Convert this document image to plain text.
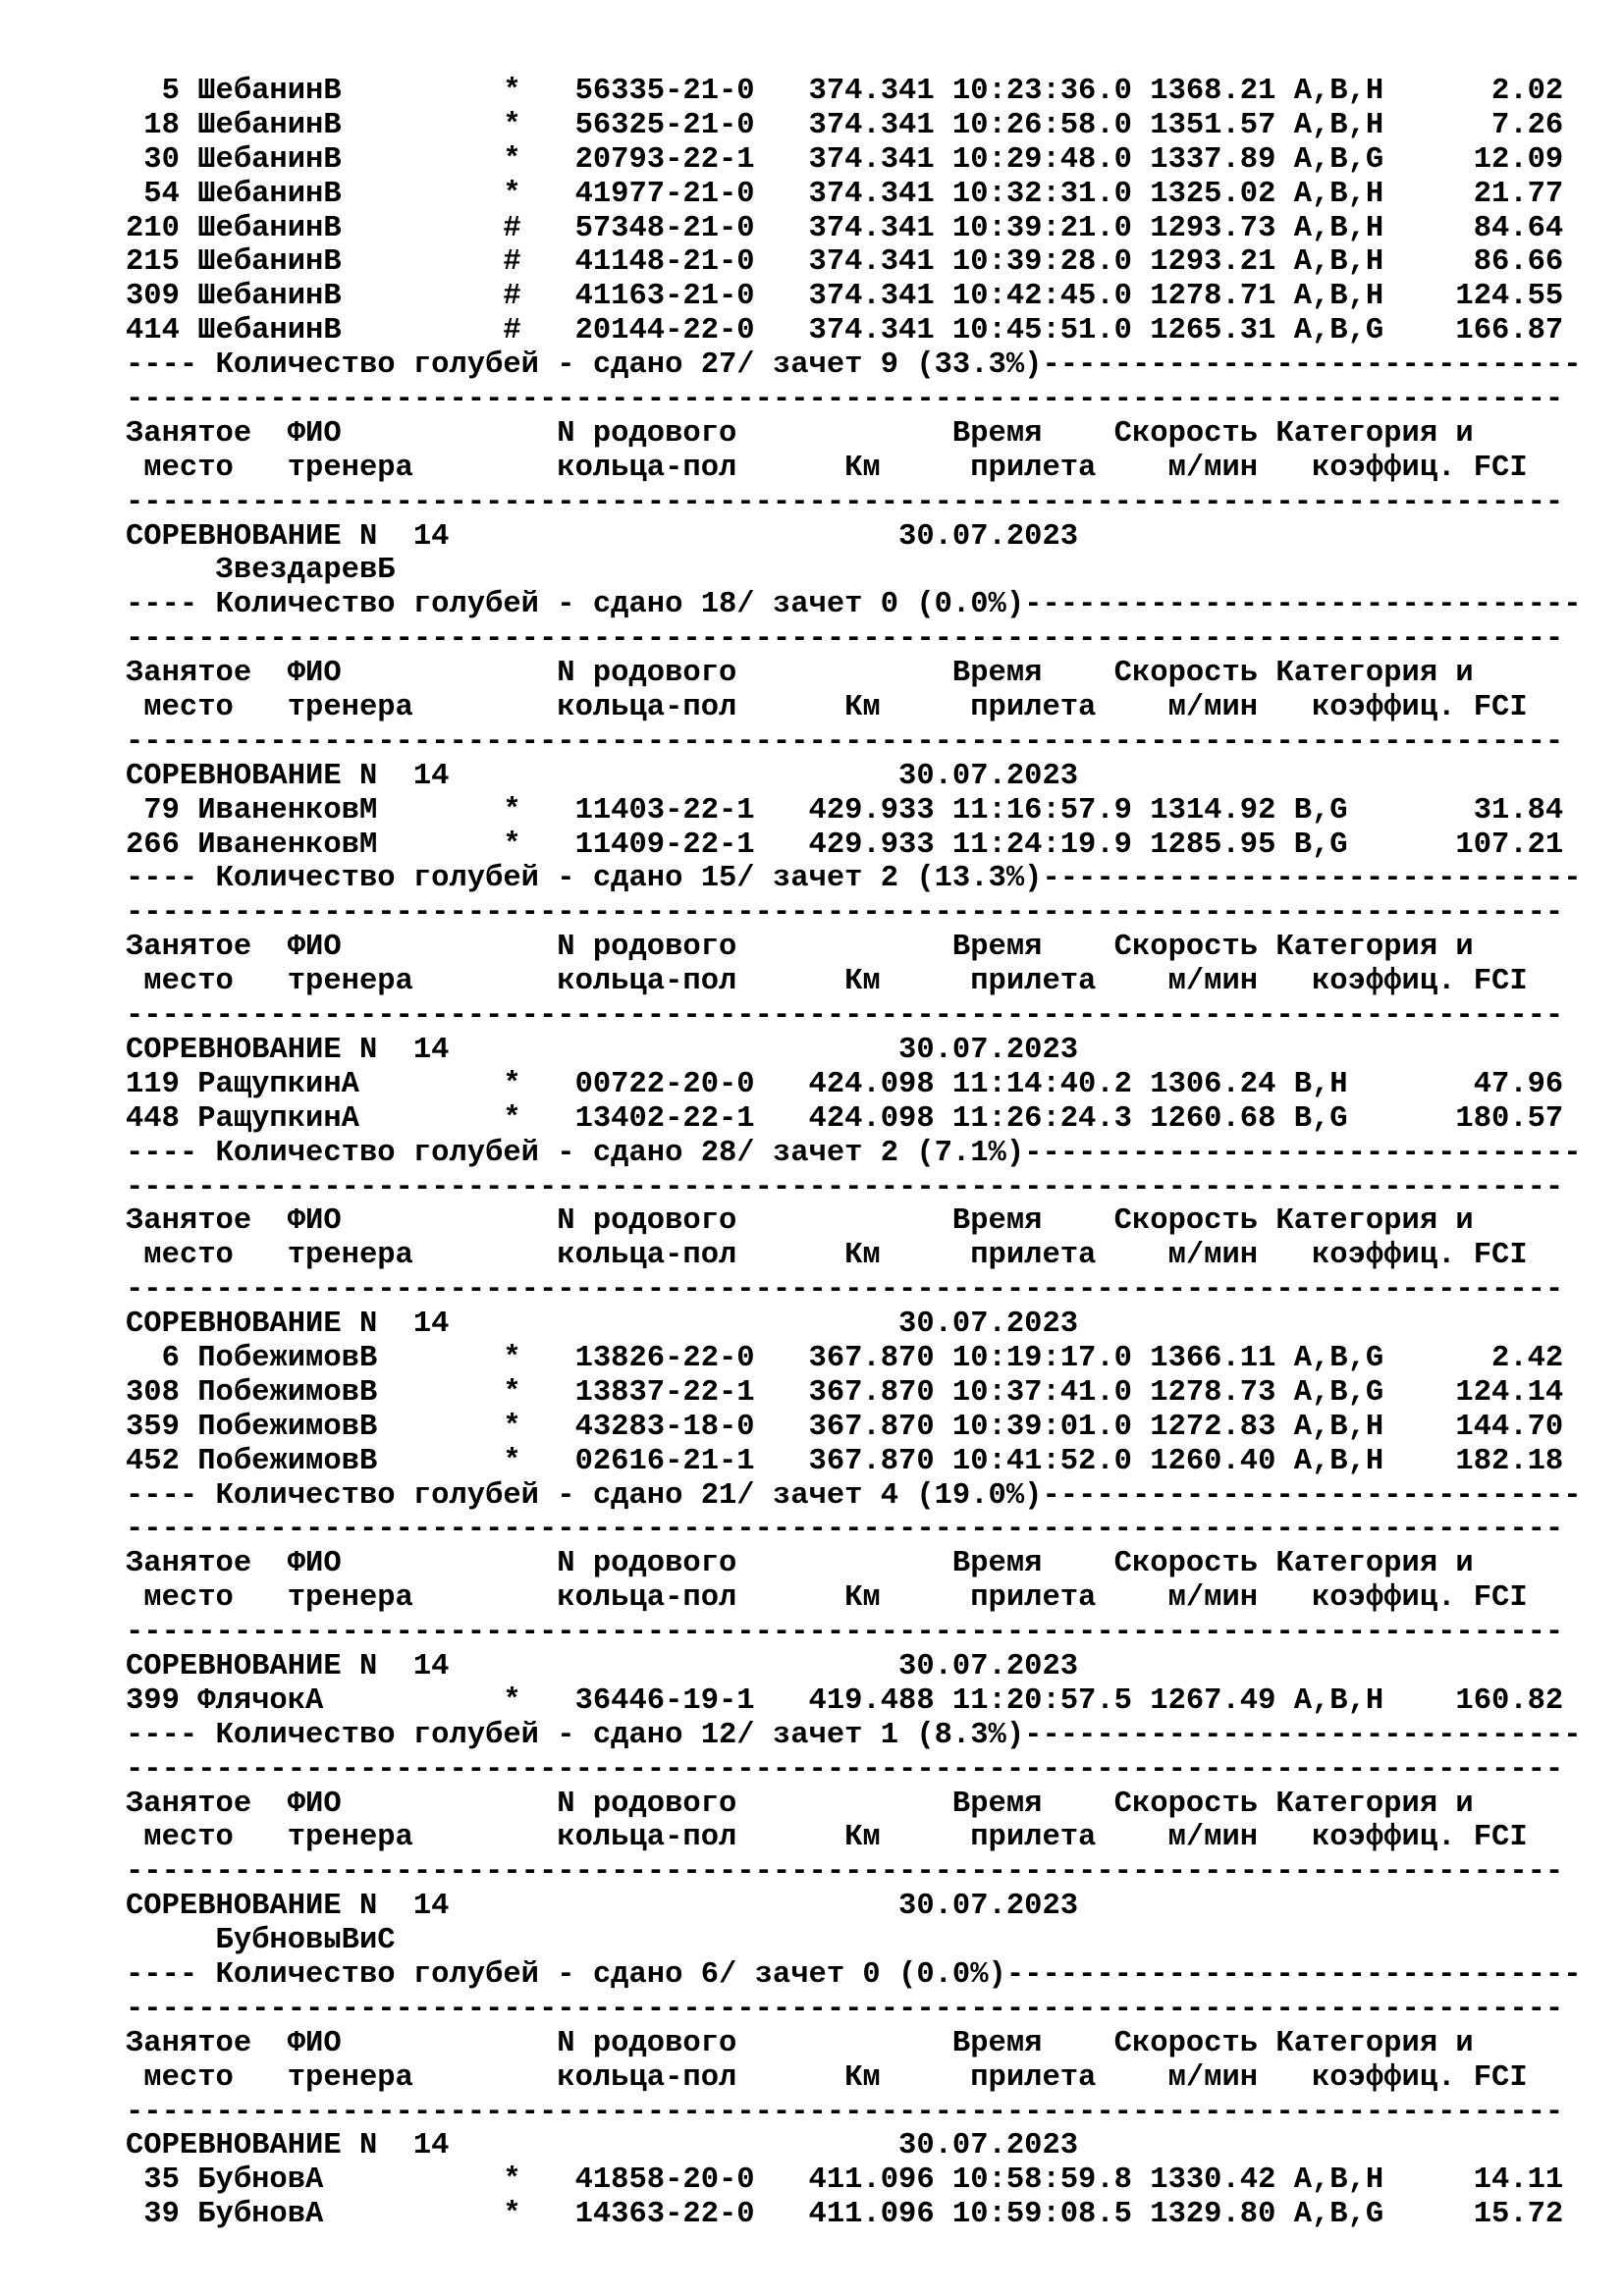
5 ШебанинВ         *   56335-21-0   374.341 10:23:36.0 1368.21 A,B,H      2.02
18 ШебанинВ         *   56325-21-0   374.341 10:26:58.0 1351.57 A,B,H      7.26
30 ШебанинВ         *   20793-22-1   374.341 10:29:48.0 1337.89 A,B,G     12.09
54 ШебанинВ         *   41977-21-0   374.341 10:32:31.0 1325.02 A,B,H     21.77
210 ШебанинВ         #   57348-21-0   374.341 10:39:21.0 1293.73 A,B,H     84.64
215 ШебанинВ         #   41148-21-0   374.341 10:39:28.0 1293.21 A,B,H     86.66
309 ШебанинВ         #   41163-21-0   374.341 10:42:45.0 1278.71 A,B,H    124.55
414 ШебанинВ         #   20144-22-0   374.341 10:45:51.0 1265.31 A,B,G    166.87
---- Количество голубей - сдано 27/ зачет 9 (33.3%)------------------------------
--------------------------------------------------------------------------------
Занятое  ФИО            N родового            Время    Скорость Категория и
место   тренера        кольца-пол      Км     прилета    м/мин   коэффиц. FCI
--------------------------------------------------------------------------------
СОРЕВНОВАНИЕ N  14                         30.07.2023
ЗвездаревБ
---- Количество голубей - сдано 18/ зачет 0 (0.0%)-------------------------------
--------------------------------------------------------------------------------
Занятое  ФИО            N родового            Время    Скорость Категория и
место   тренера        кольца-пол      Км     прилета    м/мин   коэффиц. FCI
--------------------------------------------------------------------------------
СОРЕВНОВАНИЕ N  14                         30.07.2023
79 ИваненковМ       *   11403-22-1   429.933 11:16:57.9 1314.92 B,G       31.84
266 ИваненковМ       *   11409-22-1   429.933 11:24:19.9 1285.95 B,G      107.21
---- Количество голубей - сдано 15/ зачет 2 (13.3%)------------------------------
--------------------------------------------------------------------------------
Занятое  ФИО            N родового            Время    Скорость Категория и
место   тренера        кольца-пол      Км     прилета    м/мин   коэффиц. FCI
--------------------------------------------------------------------------------
СОРЕВНОВАНИЕ N  14                         30.07.2023
119 РащупкинА        *   00722-20-0   424.098 11:14:40.2 1306.24 B,H       47.96
448 РащупкинА        *   13402-22-1   424.098 11:26:24.3 1260.68 B,G      180.57
---- Количество голубей - сдано 28/ зачет 2 (7.1%)-------------------------------
--------------------------------------------------------------------------------
Занятое  ФИО            N родового            Время    Скорость Категория и
место   тренера        кольца-пол      Км     прилета    м/мин   коэффиц. FCI
--------------------------------------------------------------------------------
СОРЕВНОВАНИЕ N  14                         30.07.2023
6 ПобежимовВ       *   13826-22-0   367.870 10:19:17.0 1366.11 A,B,G      2.42
308 ПобежимовВ       *   13837-22-1   367.870 10:37:41.0 1278.73 A,B,G    124.14
359 ПобежимовВ       *   43283-18-0   367.870 10:39:01.0 1272.83 A,B,H    144.70
452 ПобежимовВ       *   02616-21-1   367.870 10:41:52.0 1260.40 A,B,H    182.18
---- Количество голубей - сдано 21/ зачет 4 (19.0%)------------------------------
--------------------------------------------------------------------------------
Занятое  ФИО            N родового            Время    Скорость Категория и
место   тренера        кольца-пол      Км     прилета    м/мин   коэффиц. FCI
--------------------------------------------------------------------------------
СОРЕВНОВАНИЕ N  14                         30.07.2023
399 ФлячокА          *   36446-19-1   419.488 11:20:57.5 1267.49 A,B,H    160.82
---- Количество голубей - сдано 12/ зачет 1 (8.3%)-------------------------------
--------------------------------------------------------------------------------
Занятое  ФИО            N родового            Время    Скорость Категория и
место   тренера        кольца-пол      Км     прилета    м/мин   коэффиц. FCI
--------------------------------------------------------------------------------
СОРЕВНОВАНИЕ N  14                         30.07.2023
БубновыВиС
---- Количество голубей - сдано 6/ зачет 0 (0.0%)--------------------------------
--------------------------------------------------------------------------------
Занятое  ФИО            N родового            Время    Скорость Категория и
место   тренера        кольца-пол      Км     прилета    м/мин   коэффиц. FCI
--------------------------------------------------------------------------------
СОРЕВНОВАНИЕ N  14                         30.07.2023
35 БубновА          *   41858-20-0   411.096 10:58:59.8 1330.42 A,B,H     14.11
39 БубновА          *   14363-22-0   411.096 10:59:08.5 1329.80 A,B,G     15.72
